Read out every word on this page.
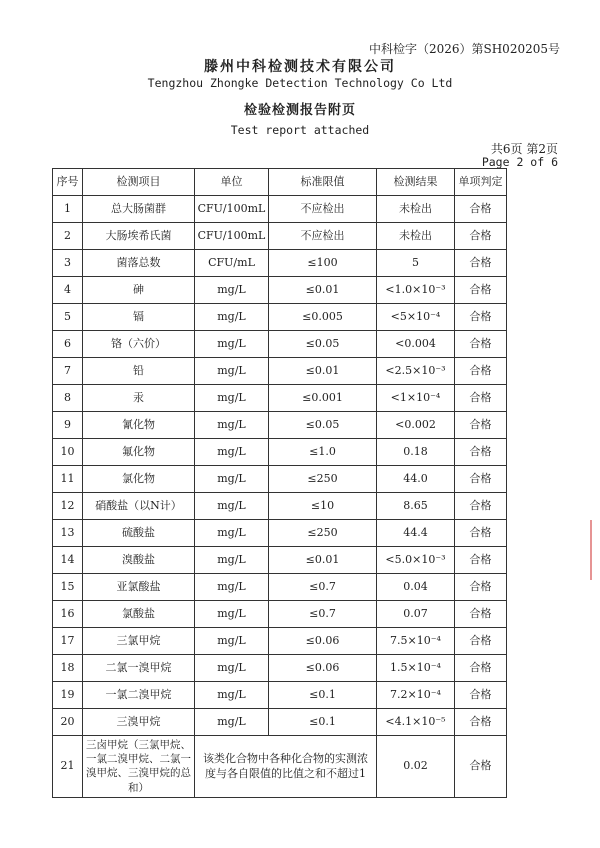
中科检字（2026）第SH020205号
滕州中科检测技术有限公司
Tengzhou Zhongke Detection Technology Co Ltd
检验检测报告附页
Test report attached
共6页 第2页
Page 2 of 6
序号	检测项目	单位	标准限值	检测结果	单项判定
1	总大肠菌群	CFU/100mL	不应检出	未检出	合格
2	大肠埃希氏菌	CFU/100mL	不应检出	未检出	合格
3	菌落总数	CFU/mL	≤100	5	合格
4	砷	mg/L	≤0.01	<1.0×10⁻³	合格
5	镉	mg/L	≤0.005	<5×10⁻⁴	合格
6	铬（六价）	mg/L	≤0.05	<0.004	合格
7	铅	mg/L	≤0.01	<2.5×10⁻³	合格
8	汞	mg/L	≤0.001	<1×10⁻⁴	合格
9	氰化物	mg/L	≤0.05	<0.002	合格
10	氟化物	mg/L	≤1.0	0.18	合格
11	氯化物	mg/L	≤250	44.0	合格
12	硝酸盐（以N计）	mg/L	≤10	8.65	合格
13	硫酸盐	mg/L	≤250	44.4	合格
14	溴酸盐	mg/L	≤0.01	<5.0×10⁻³	合格
15	亚氯酸盐	mg/L	≤0.7	0.04	合格
16	氯酸盐	mg/L	≤0.7	0.07	合格
17	三氯甲烷	mg/L	≤0.06	7.5×10⁻⁴	合格
18	二氯一溴甲烷	mg/L	≤0.06	1.5×10⁻⁴	合格
19	一氯二溴甲烷	mg/L	≤0.1	7.2×10⁻⁴	合格
20	三溴甲烷	mg/L	≤0.1	<4.1×10⁻⁵	合格
21	三卤甲烷（三氯甲烷、一氯二溴甲烷、二氯一溴甲烷、三溴甲烷的总和）	该类化合物中各种化合物的实测浓度与各自限值的比值之和不超过1		0.02	合格
